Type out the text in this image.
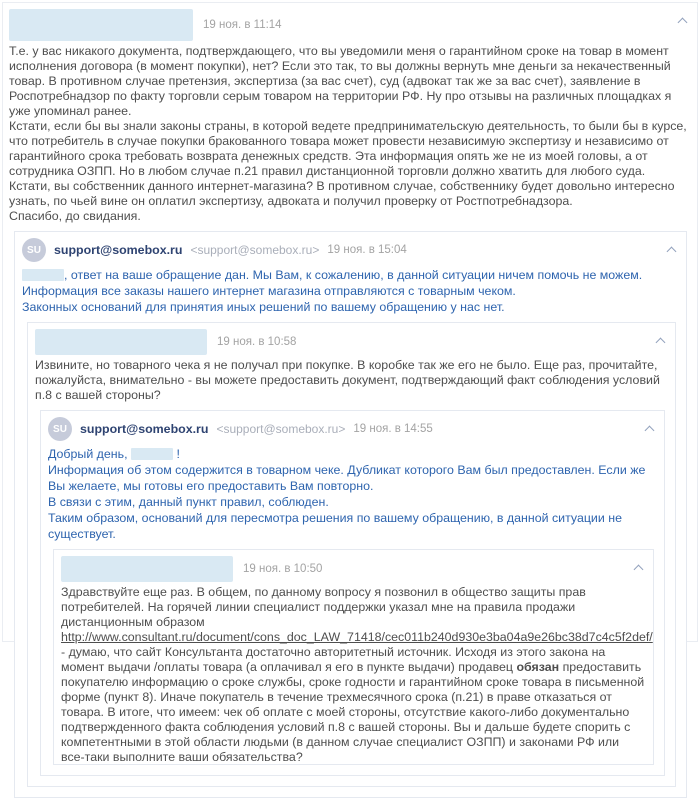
19 ноя. в 11:14

Т.е. у вас никакого документа, подтверждающего, что вы уведомили меня о гарантийном сроке на товар в момент исполнения договора (в момент покупки), нет? Если это так, то вы должны вернуть мне деньги за некачественный товар. В противном случае претензия, экспертиза (за вас счет), суд (адвокат так же за вас счет), заявление в Роспотребнадзор по факту торговли серым товаром на территории РФ. Ну про отзывы на различных площадках я уже упоминал ранее.

Кстати, если бы вы знали законы страны, в которой ведете предпринимательскую деятельность, то были бы в курсе, что потребитель в случае покупки бракованного товара может провести независимую экспертизу и независимо от гарантийного срока требовать возврата денежных средств. Эта информация опять же не из моей головы, а от сотрудника ОЗПП. Но в любом случае п.21 правил дистанционной торговли должно хватить для любого суда.

Кстати, вы собственник данного интернет-магазина? В противном случае, собственнику будет довольно интересно узнать, по чьей вине он оплатил экспертизу, адвоката и получил проверку от Ростпотребнадзора.

Спасибо, до свидания.

SU	support@somebox.ru <support@somebox.ru> 19 ноя. в 15:04

, ответ на ваше обращение дан. Мы Вам, к сожалению, в данной ситуации ничем помочь не можем.

Информация все заказы нашего интернет магазина отправляются с товарным чеком.

Законных оснований для принятия иных решений по вашему обращению у нас нет.

19 ноя. в 10:58

Извините, но товарного чека я не получал при покупке. В коробке так же его не было. Еще раз, прочитайте, пожалуйста, внимательно - вы можете предоставить документ, подтверждающий факт соблюдения условий п.8 с вашей стороны?

SU	support@somebox.ru <support@somebox.ru> 19 ноя. в 14:55

Добрый день,	!

Информация об этом содержится в товарном чеке. Дубликат которого Вам был предоставлен. Если же Вы желаете, мы готовы его предоставить Вам повторно.

В связи с этим, данный пункт правил, соблюден.

Таким образом, оснований для пересмотра решения по вашему обращению, в данной ситуации не существует.

19 ноя. в 10:50

Здравствуйте еще раз. В общем, по данному вопросу я позвонил в общество защиты прав потребителей. На горячей линии специалист поддержки указал мне на правила продажи дистанционным образом http://www.consultant.ru/document/cons_doc_LAW_71418/cec011b240d930e3ba04a9e26bc38d7c4c5f2def/ - думаю, что сайт Консультанта достаточно авторитетный источник. Исходя из этого закона на момент выдачи /оплаты товара (а оплачивал я его в пункте выдачи) продавец обязан предоставить покупателю информацию о сроке службы, сроке годности и гарантийном сроке товара в письменной форме (пункт 8). Иначе покупатель в течение трехмесячного срока (п.21) в праве отказаться от товара. В итоге, что имеем: чек об оплате с моей стороны, отсутствие какого-либо документально подтвержденного факта соблюдения условий п.8 с вашей стороны. Вы и дальше будете спорить с компетентными в этой области людьми (в данном случае специалист ОЗПП) и законами РФ или все-таки выполните ваши обязательства?
